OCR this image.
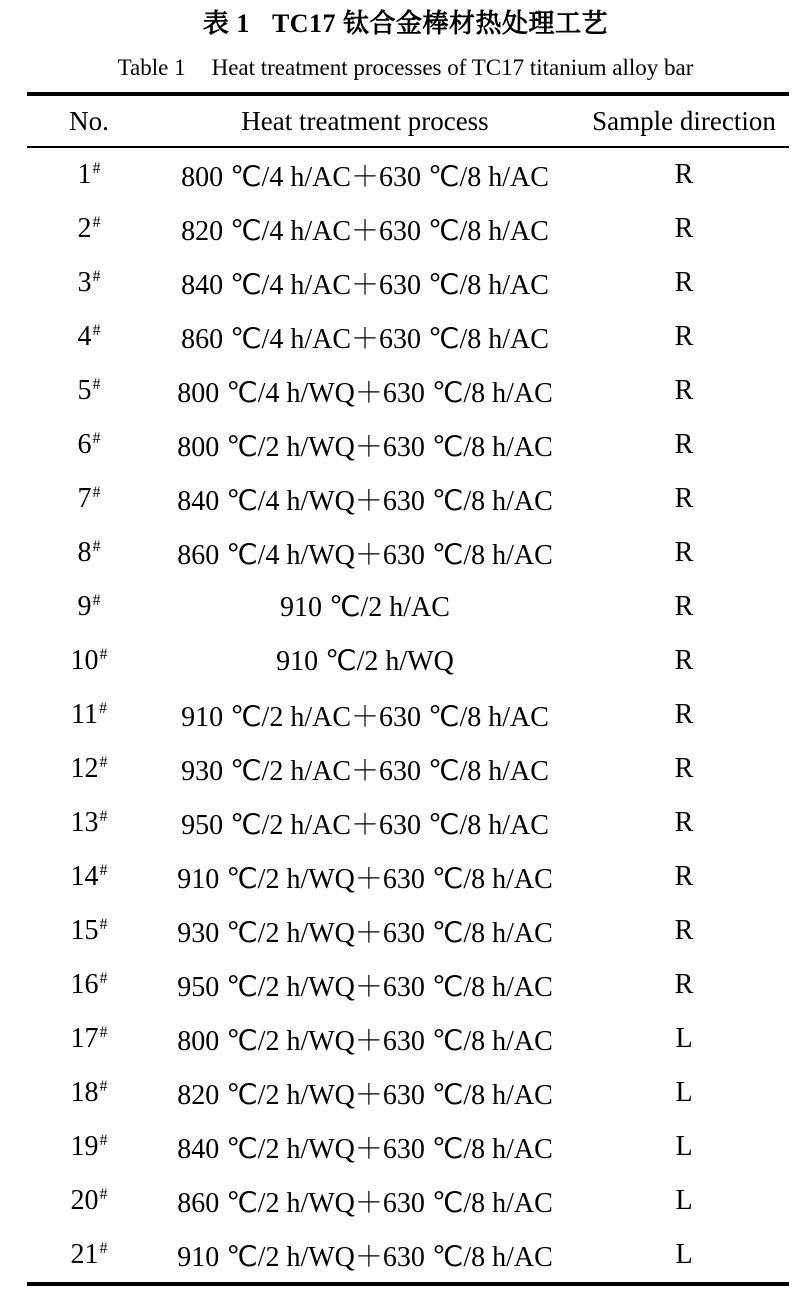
表 1 TC17 钛合金棒材热处理工艺
Table 1 Heat treatment processes of TC17 titanium alloy bar
No.	Heat treatment process	Sample direction
1#	800 ℃/4 h/AC＋630 ℃/8 h/AC	R
2#	820 ℃/4 h/AC＋630 ℃/8 h/AC	R
3#	840 ℃/4 h/AC＋630 ℃/8 h/AC	R
4#	860 ℃/4 h/AC＋630 ℃/8 h/AC	R
5#	800 ℃/4 h/WQ＋630 ℃/8 h/AC	R
6#	800 ℃/2 h/WQ＋630 ℃/8 h/AC	R
7#	840 ℃/4 h/WQ＋630 ℃/8 h/AC	R
8#	860 ℃/4 h/WQ＋630 ℃/8 h/AC	R
9#	910 ℃/2 h/AC	R
10#	910 ℃/2 h/WQ	R
11#	910 ℃/2 h/AC＋630 ℃/8 h/AC	R
12#	930 ℃/2 h/AC＋630 ℃/8 h/AC	R
13#	950 ℃/2 h/AC＋630 ℃/8 h/AC	R
14#	910 ℃/2 h/WQ＋630 ℃/8 h/AC	R
15#	930 ℃/2 h/WQ＋630 ℃/8 h/AC	R
16#	950 ℃/2 h/WQ＋630 ℃/8 h/AC	R
17#	800 ℃/2 h/WQ＋630 ℃/8 h/AC	L
18#	820 ℃/2 h/WQ＋630 ℃/8 h/AC	L
19#	840 ℃/2 h/WQ＋630 ℃/8 h/AC	L
20#	860 ℃/2 h/WQ＋630 ℃/8 h/AC	L
21#	910 ℃/2 h/WQ＋630 ℃/8 h/AC	L
